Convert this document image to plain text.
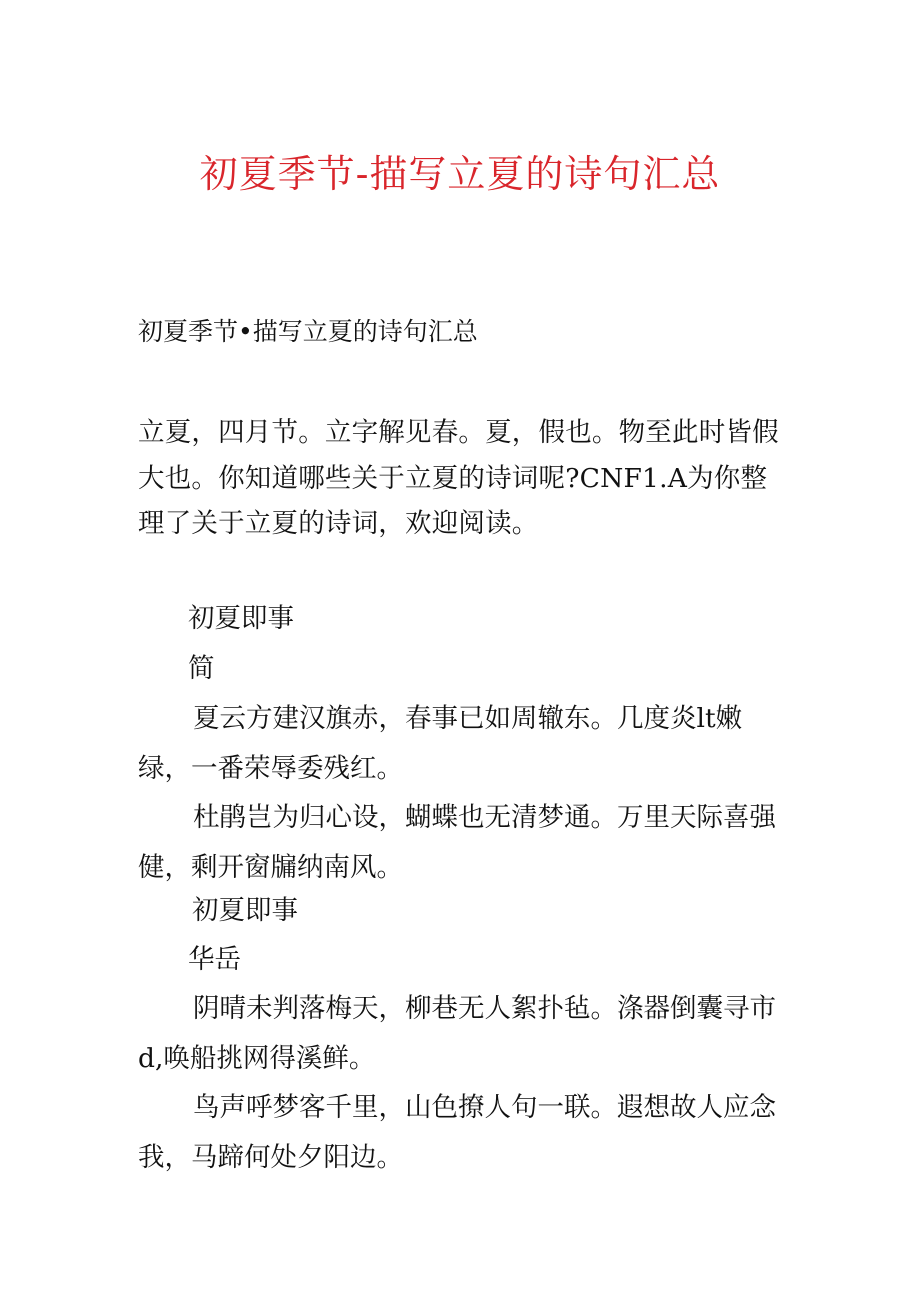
初夏季节-描写立夏的诗句汇总

初夏季节•描写立夏的诗句汇总

立夏，四月节。立字解见春。夏，假也。物至此时皆假大也。你知道哪些关于立夏的诗词呢?CNF1.A为你整理了关于立夏的诗词，欢迎阅读。

初夏即事

简

夏云方建汉旗赤，春事已如周辙东。几度炎lt嫩绿，一番荣辱委残红。

杜鹃岂为归心设，蝴蝶也无清梦通。万里天际喜强健，剩开窗牖纳南风。

初夏即事

华岳

阴晴未判落梅天，柳巷无人絮扑毡。涤器倒囊寻市d,唤船挑网得溪鲜。

鸟声呼梦客千里，山色撩人句一联。遐想故人应念我，马蹄何处夕阳边。
